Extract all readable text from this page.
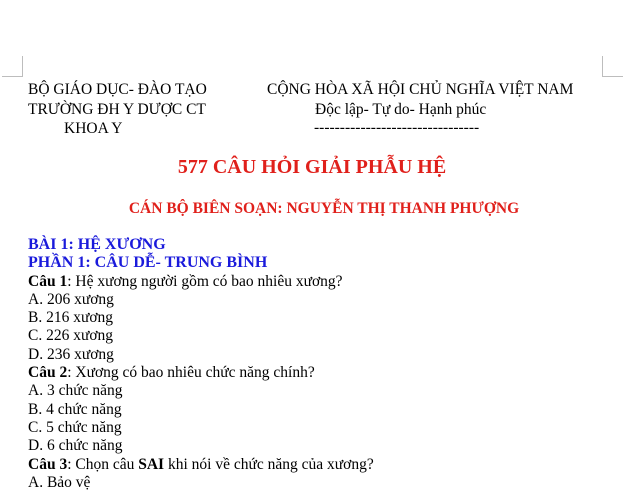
BỘ GIÁO DỤC- ĐÀO TẠO
TRƯỜNG ĐH Y DƯỢC CT
KHOA Y
CỘNG HÒA XÃ HỘI CHỦ NGHĨA VIỆT NAM
Độc lập- Tự do- Hạnh phúc
--------------------------------
577 CÂU HỎI GIẢI PHẪU HỆ
CÁN BỘ BIÊN SOẠN: NGUYỄN THỊ THANH PHƯỢNG
BÀI 1: HỆ XƯƠNG
PHẦN 1: CÂU DỄ- TRUNG BÌNH
Câu 1: Hệ xương người gồm có bao nhiêu xương?
A. 206 xương
B. 216 xương
C. 226 xương
D. 236 xương
Câu 2: Xương có bao nhiêu chức năng chính?
A. 3 chức năng
B. 4 chức năng
C. 5 chức năng
D. 6 chức năng
Câu 3: Chọn câu SAI khi nói về chức năng của xương?
A. Bảo vệ
